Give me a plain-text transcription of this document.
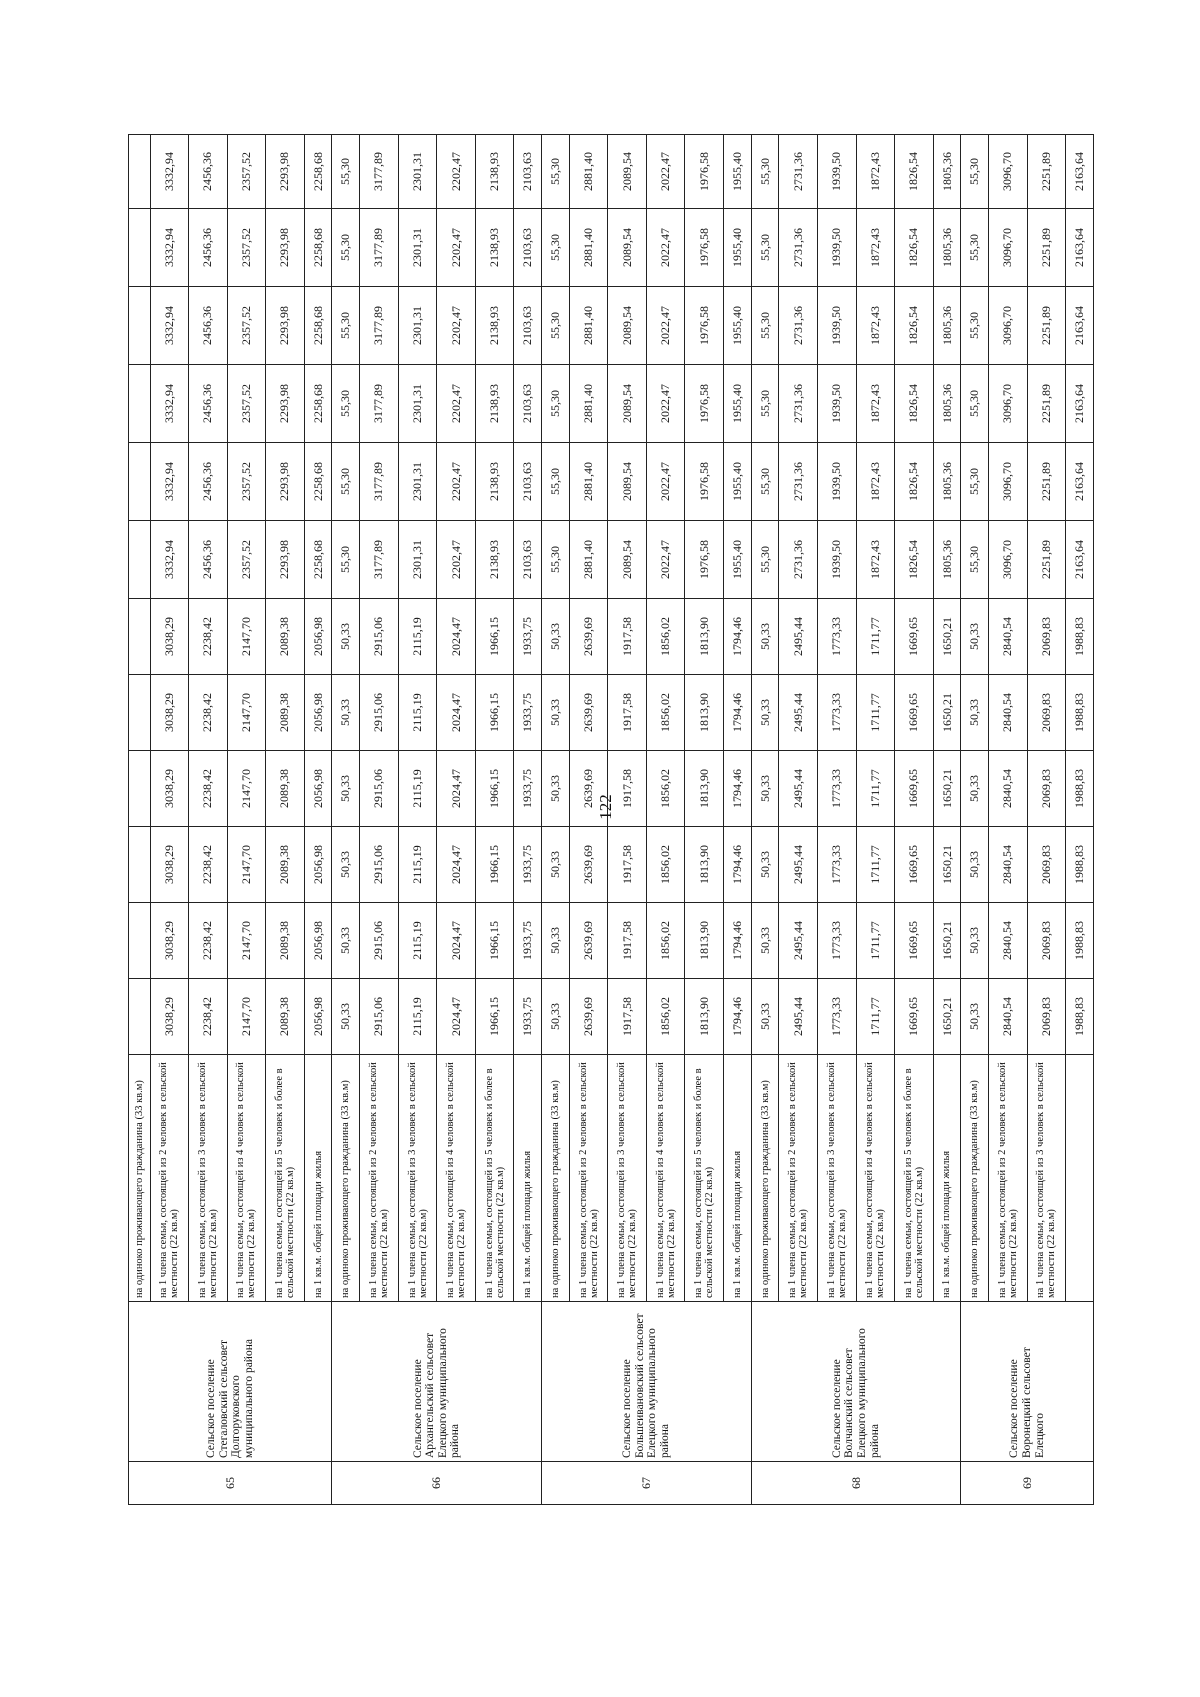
65	Сельское поселение Стегаловский сельсовет Долгоруковского муниципального района	на одиноко проживающего гражданина (33 кв.м)												
		на 1 члена семьи, состоящей из 2 человек в сельской местности (22 кв.м)	3038,29	3038,29	3038,29	3038,29	3038,29	3038,29	3332,94	3332,94	3332,94	3332,94	3332,94	3332,94
		на 1 члена семьи, состоящей из 3 человек в сельской местности (22 кв.м)	2238,42	2238,42	2238,42	2238,42	2238,42	2238,42	2456,36	2456,36	2456,36	2456,36	2456,36	2456,36
		на 1 члена семьи, состоящей из 4 человек в сельской местности (22 кв.м)	2147,70	2147,70	2147,70	2147,70	2147,70	2147,70	2357,52	2357,52	2357,52	2357,52	2357,52	2357,52
		на 1 члена семьи, состоящей из 5 человек и более в сельской местности (22 кв.м)	2089,38	2089,38	2089,38	2089,38	2089,38	2089,38	2293,98	2293,98	2293,98	2293,98	2293,98	2293,98
		на 1 кв.м. общей площади жилья	2056,98	2056,98	2056,98	2056,98	2056,98	2056,98	2258,68	2258,68	2258,68	2258,68	2258,68	2258,68
66	Сельское поселение Архангельский сельсовет Елецкого муниципального района	на одиноко проживающего гражданина (33 кв.м)	50,33	50,33	50,33	50,33	50,33	50,33	55,30	55,30	55,30	55,30	55,30	55,30
		на 1 члена семьи, состоящей из 2 человек в сельской местности (22 кв.м)	2915,06	2915,06	2915,06	2915,06	2915,06	2915,06	3177,89	3177,89	3177,89	3177,89	3177,89	3177,89
		на 1 члена семьи, состоящей из 3 человек в сельской местности (22 кв.м)	2115,19	2115,19	2115,19	2115,19	2115,19	2115,19	2301,31	2301,31	2301,31	2301,31	2301,31	2301,31
		на 1 члена семьи, состоящей из 4 человек в сельской местности (22 кв.м)	2024,47	2024,47	2024,47	2024,47	2024,47	2024,47	2202,47	2202,47	2202,47	2202,47	2202,47	2202,47
		на 1 члена семьи, состоящей из 5 человек и более в сельской местности (22 кв.м)	1966,15	1966,15	1966,15	1966,15	1966,15	1966,15	2138,93	2138,93	2138,93	2138,93	2138,93	2138,93
		на 1 кв.м. общей площади жилья	1933,75	1933,75	1933,75	1933,75	1933,75	1933,75	2103,63	2103,63	2103,63	2103,63	2103,63	2103,63
67	Сельское поселение Большеивановский сельсовет Елецкого муниципального района	на одиноко проживающего гражданина (33 кв.м)	50,33	50,33	50,33	50,33	50,33	50,33	55,30	55,30	55,30	55,30	55,30	55,30
		на 1 члена семьи, состоящей из 2 человек в сельской местности (22 кв.м)	2639,69	2639,69	2639,69	2639,69	2639,69	2639,69	2881,40	2881,40	2881,40	2881,40	2881,40	2881,40
		на 1 члена семьи, состоящей из 3 человек в сельской местности (22 кв.м)	1917,58	1917,58	1917,58	1917,58	1917,58	1917,58	2089,54	2089,54	2089,54	2089,54	2089,54	2089,54
		на 1 члена семьи, состоящей из 4 человек в сельской местности (22 кв.м)	1856,02	1856,02	1856,02	1856,02	1856,02	1856,02	2022,47	2022,47	2022,47	2022,47	2022,47	2022,47
		на 1 члена семьи, состоящей из 5 человек и более в сельской местности (22 кв.м)	1813,90	1813,90	1813,90	1813,90	1813,90	1813,90	1976,58	1976,58	1976,58	1976,58	1976,58	1976,58
		на 1 кв.м. общей площади жилья	1794,46	1794,46	1794,46	1794,46	1794,46	1794,46	1955,40	1955,40	1955,40	1955,40	1955,40	1955,40
68	Сельское поселение Волчанский сельсовет Елецкого муниципального района	на одиноко проживающего гражданина (33 кв.м)	50,33	50,33	50,33	50,33	50,33	50,33	55,30	55,30	55,30	55,30	55,30	55,30
		на 1 члена семьи, состоящей из 2 человек в сельской местности (22 кв.м)	2495,44	2495,44	2495,44	2495,44	2495,44	2495,44	2731,36	2731,36	2731,36	2731,36	2731,36	2731,36
		на 1 члена семьи, состоящей из 3 человек в сельской местности (22 кв.м)	1773,33	1773,33	1773,33	1773,33	1773,33	1773,33	1939,50	1939,50	1939,50	1939,50	1939,50	1939,50
		на 1 члена семьи, состоящей из 4 человек в сельской местности (22 кв.м)	1711,77	1711,77	1711,77	1711,77	1711,77	1711,77	1872,43	1872,43	1872,43	1872,43	1872,43	1872,43
		на 1 члена семьи, состоящей из 5 человек и более в сельской местности (22 кв.м)	1669,65	1669,65	1669,65	1669,65	1669,65	1669,65	1826,54	1826,54	1826,54	1826,54	1826,54	1826,54
		на 1 кв.м. общей площади жилья	1650,21	1650,21	1650,21	1650,21	1650,21	1650,21	1805,36	1805,36	1805,36	1805,36	1805,36	1805,36
69	Сельское поселение Воронецкий сельсовет Елецкого	на одиноко проживающего гражданина (33 кв.м)	50,33	50,33	50,33	50,33	50,33	50,33	55,30	55,30	55,30	55,30	55,30	55,30
		на 1 члена семьи, состоящей из 2 человек в сельской местности (22 кв.м)	2840,54	2840,54	2840,54	2840,54	2840,54	2840,54	3096,70	3096,70	3096,70	3096,70	3096,70	3096,70
		на 1 члена семьи, состоящей из 3 человек в сельской местности (22 кв.м)	2069,83	2069,83	2069,83	2069,83	2069,83	2069,83	2251,89	2251,89	2251,89	2251,89	2251,89	2251,89
			1988,83	1988,83	1988,83	1988,83	1988,83	1988,83	2163,64	2163,64	2163,64	2163,64	2163,64	2163,64
122
